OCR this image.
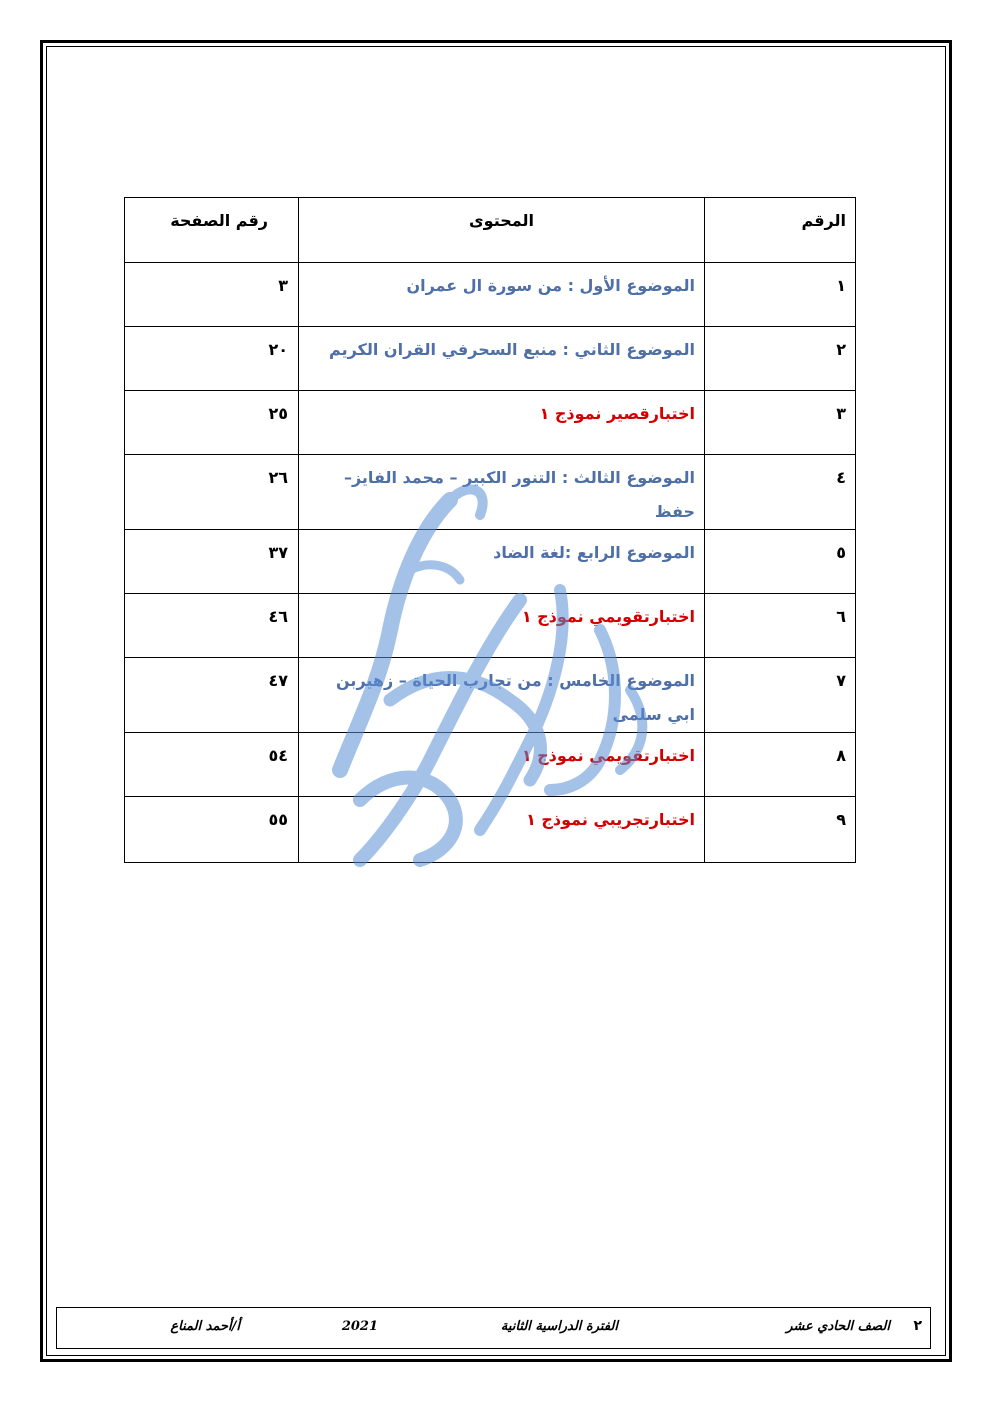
الرقم	المحتوى	رقم الصفحة
١	الموضوع الأول : من سورة ال عمران	٣
٢	الموضوع الثاني : منبع السحرفي القران الكريم	٢٠
٣	اختبارقصير نموذج ١	٢٥
٤	الموضوع الثالث : التنور الكبير – محمد الفايز– حفظ	٢٦
٥	الموضوع الرابع :لغة الضاد	٣٧
٦	اختبارتقويمي نموذج ١	٤٦
٧	الموضوع الخامس : من تجارب الحياة – زهيربن ابي سلمى	٤٧
٨	اختبارتقويمي نموذج ١	٥٤
٩	اختبارتجريبي نموذج ١	٥٥
٢
الصف الحادي عشر
الفترة الدراسية الثانية
2021
أ/أحمد المناع
